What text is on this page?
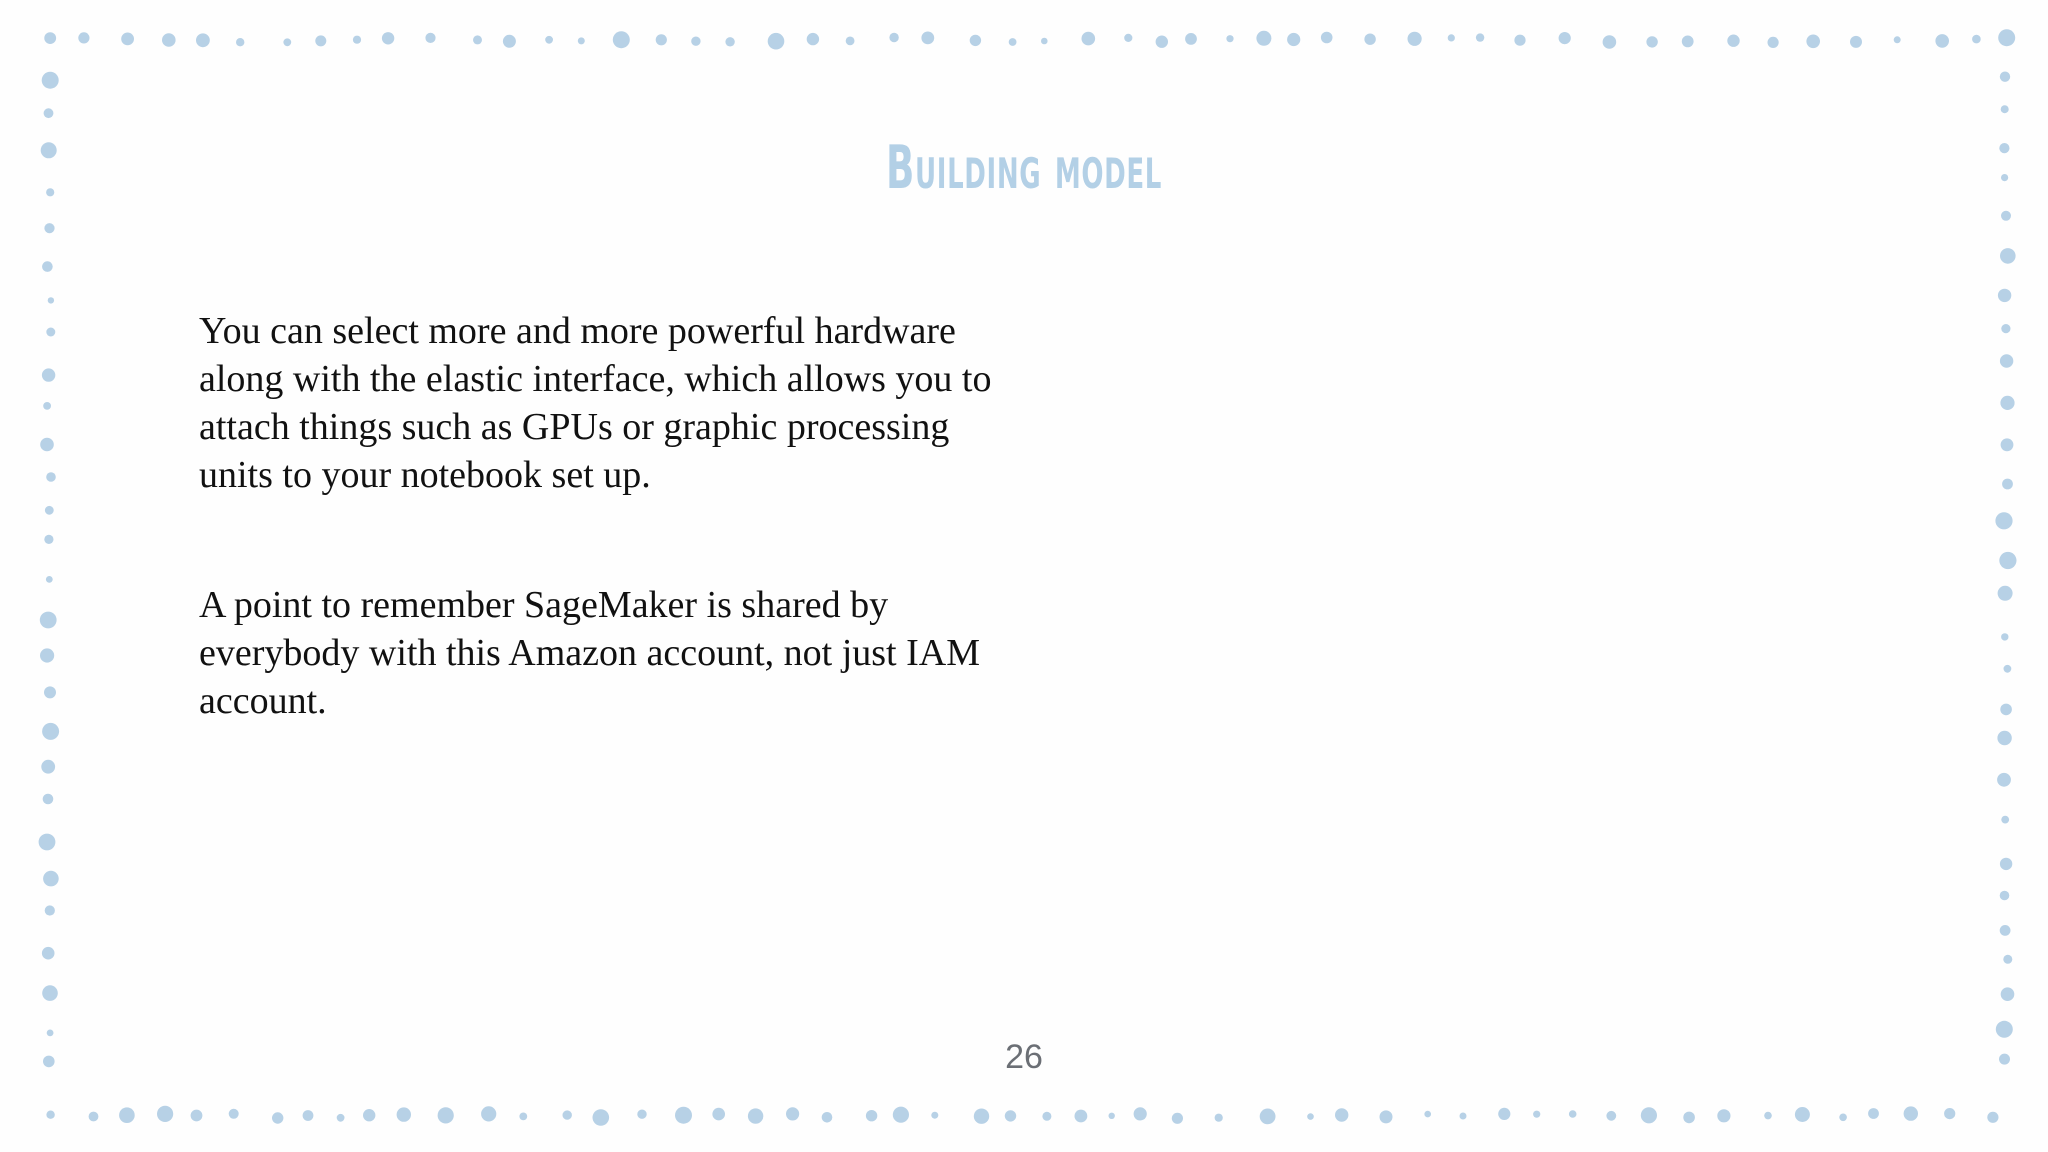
Building model

You can select more and more powerful hardware along with the elastic interface, which allows you to attach things such as GPUs or graphic processing units to your notebook set up.

A point to remember SageMaker is shared by everybody with this Amazon account, not just IAM account.

26
